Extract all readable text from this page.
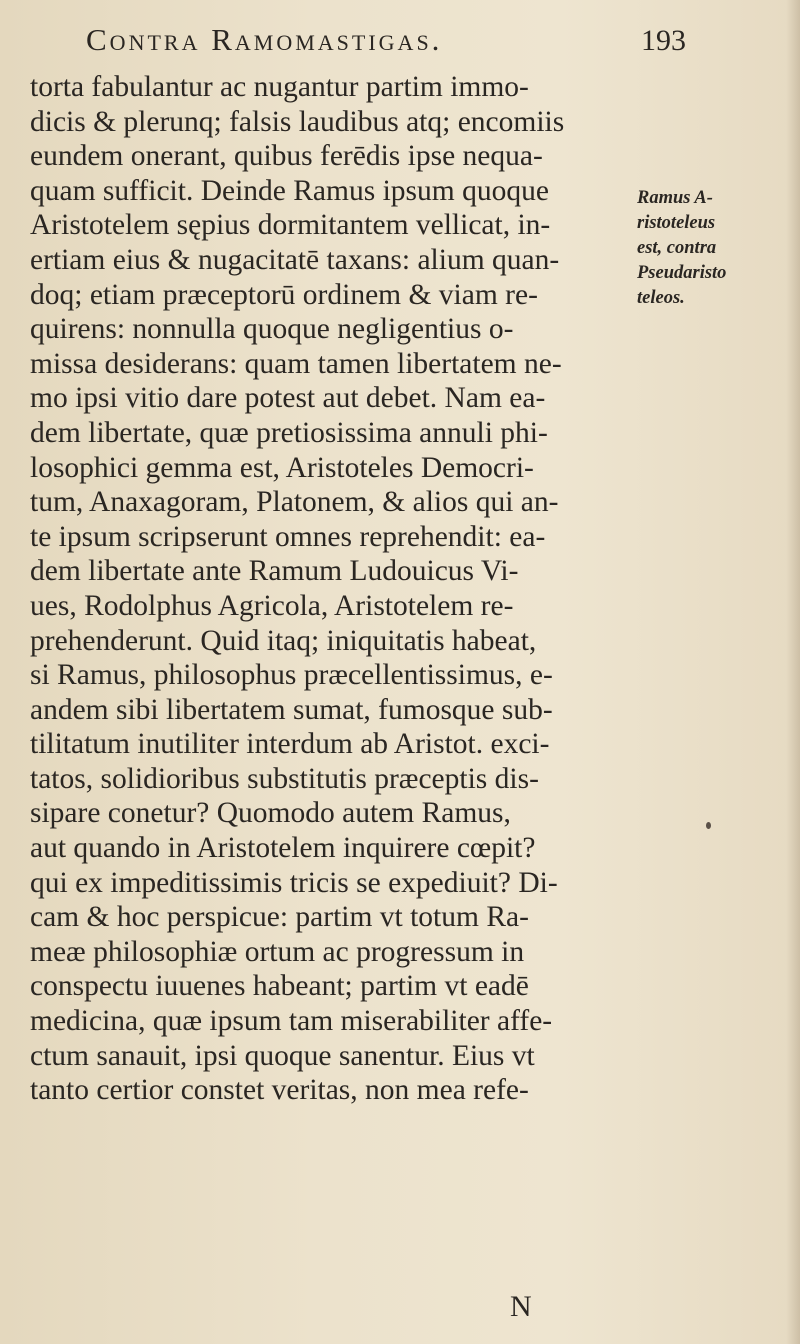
Contra Ramomastigas.	193
torta fabulantur ac nugantur partim immo-
dicis & plerunq; falsis laudibus atq; encomiis
eundem onerant, quibus ferēdis ipse nequa-
quam sufficit. Deinde Ramus ipsum quoque
Aristotelem sępius dormitantem vellicat, in-
ertiam eius & nugacitatē taxans: alium quan-
doq; etiam præceptorū ordinem & viam re-
quirens: nonnulla quoque negligentius o-
missa desiderans: quam tamen libertatem ne-
mo ipsi vitio dare potest aut debet. Nam ea-
dem libertate, quæ pretiosissima annuli phi-
losophici gemma est, Aristoteles Democri-
tum, Anaxagoram, Platonem, & alios qui an-
te ipsum scripserunt omnes reprehendit: ea-
dem libertate ante Ramum Ludouicus Vi-
ues, Rodolphus Agricola, Aristotelem re-
prehenderunt. Quid itaq; iniquitatis habeat,
si Ramus, philosophus præcellentissimus, e-
andem sibi libertatem sumat, fumosque sub-
tilitatum inutiliter interdum ab Aristot. exci-
tatos, solidioribus substitutis præceptis dis-
sipare conetur? Quomodo autem Ramus,
aut quando in Aristotelem inquirere cœpit?
qui ex impeditissimis tricis se expediuit? Di-
cam & hoc perspicue: partim vt totum Ra-
meæ philosophiæ ortum ac progressum in
conspectu iuuenes habeant; partim vt eadē
medicina, quæ ipsum tam miserabiliter affe-
ctum sanauit, ipsi quoque sanentur. Eius vt
tanto certior constet veritas, non mea refe-
Ramus A-
ristoteleus
est, contra
Pseudaristo
teleos.
N
